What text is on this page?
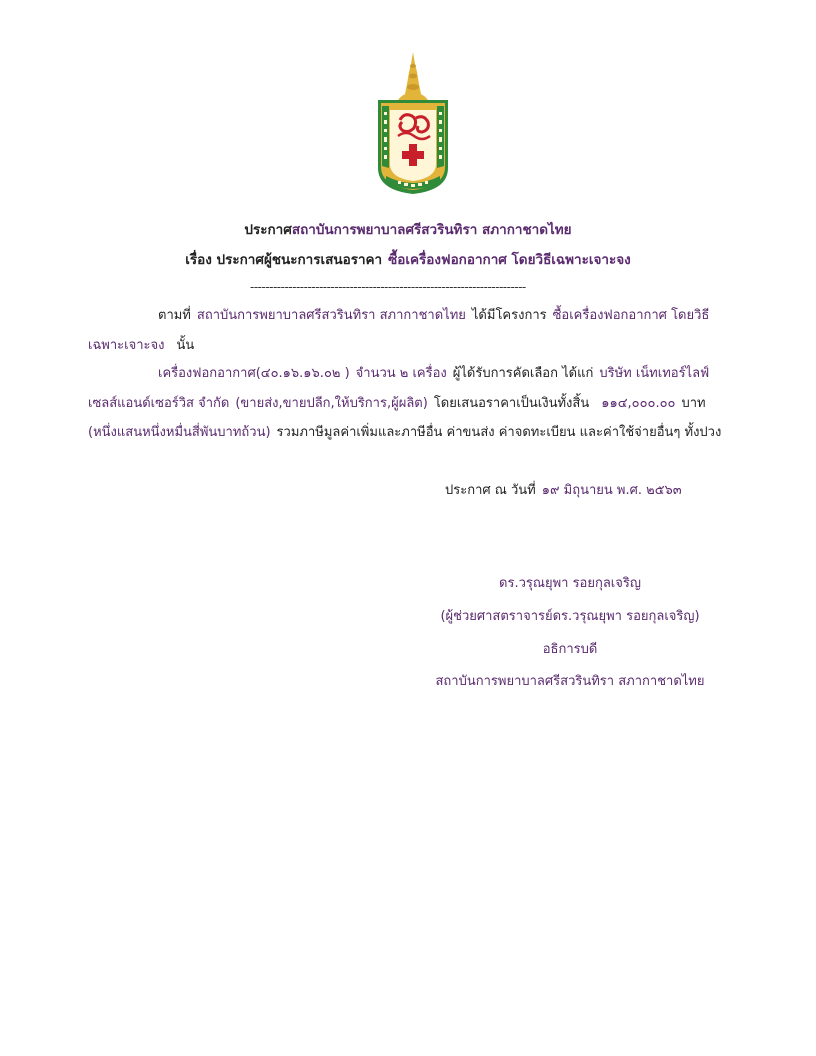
ประกาศสถาบันการพยาบาลศรีสวรินทิรา สภากาชาดไทย
เรื่อง ประกาศผู้ชนะการเสนอราคา ซื้อเครื่องฟอกอากาศ โดยวิธีเฉพาะเจาะจง
------------------------------------------------------------------------
ตามที่ สถาบันการพยาบาลศรีสวรินทิรา สภากาชาดไทย ได้มีโครงการ ซื้อเครื่องฟอกอากาศ โดยวิธี
เฉพาะเจาะจง นั้น
เครื่องฟอกอากาศ(๔๐.๑๖.๑๖.๐๒ ) จำนวน ๒ เครื่อง ผู้ได้รับการคัดเลือก ได้แก่ บริษัท เน็ทเทอร์ไลฟ์
เซลส์แอนด์เซอร์วิส จำกัด (ขายส่ง,ขายปลีก,ให้บริการ,ผู้ผลิต) โดยเสนอราคาเป็นเงินทั้งสิ้น ๑๑๔,๐๐๐.๐๐ บาท
(หนึ่งแสนหนึ่งหมื่นสี่พันบาทถ้วน) รวมภาษีมูลค่าเพิ่มและภาษีอื่น ค่าขนส่ง ค่าจดทะเบียน และค่าใช้จ่ายอื่นๆ ทั้งปวง
ประกาศ ณ วันที่ ๑๙ มิถุนายน พ.ศ. ๒๕๖๓
ดร.วรุณยุพา รอยกุลเจริญ
(ผู้ช่วยศาสตราจารย์ดร.วรุณยุพา รอยกุลเจริญ)
อธิการบดี
สถาบันการพยาบาลศรีสวรินทิรา สภากาชาดไทย
